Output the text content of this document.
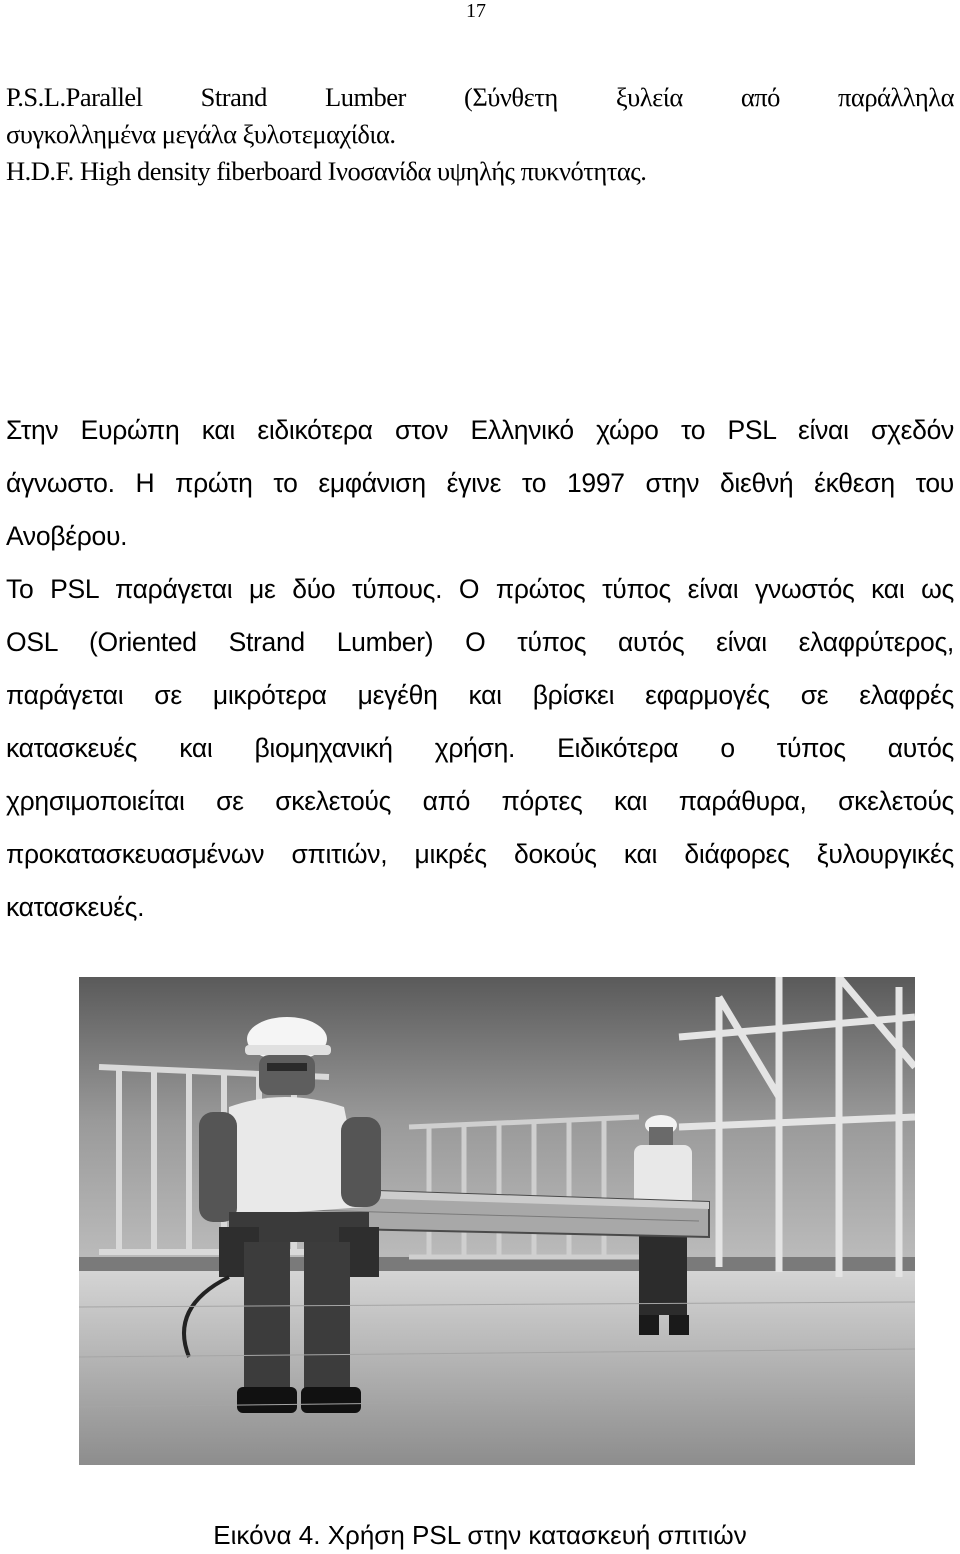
17
P.S.L.Parallel Strand Lumber (Σύνθετη ξυλεία από παράλληλα
συγκολλημένα μεγάλα ξυλοτεμαχίδια.
H.D.F. High density fiberboard Ινοσανίδα υψηλής πυκνότητας.

Στην Ευρώπη και ειδικότερα στον Ελληνικό χώρο το PSL είναι σχεδόν
άγνωστο. Η πρώτη το εμφάνιση έγινε το 1997 στην διεθνή έκθεση του
Ανοβέρου.

Το PSL παράγεται με δύο τύπους. Ο πρώτος τύπος είναι γνωστός και ως
OSL (Oriented Strand Lumber) Ο τύπος αυτός είναι ελαφρύτερος,
παράγεται σε μικρότερα μεγέθη και βρίσκει εφαρμογές σε ελαφρές
κατασκευές και βιομηχανική χρήση. Ειδικότερα ο τύπος αυτός
χρησιμοποιείται σε σκελετούς από πόρτες και παράθυρα, σκελετούς
προκατασκευασμένων σπιτιών, μικρές δοκούς και διάφορες ξυλουργικές
κατασκευές.

Εικόνα 4. Χρήση PSL στην κατασκευή σπιτιών
